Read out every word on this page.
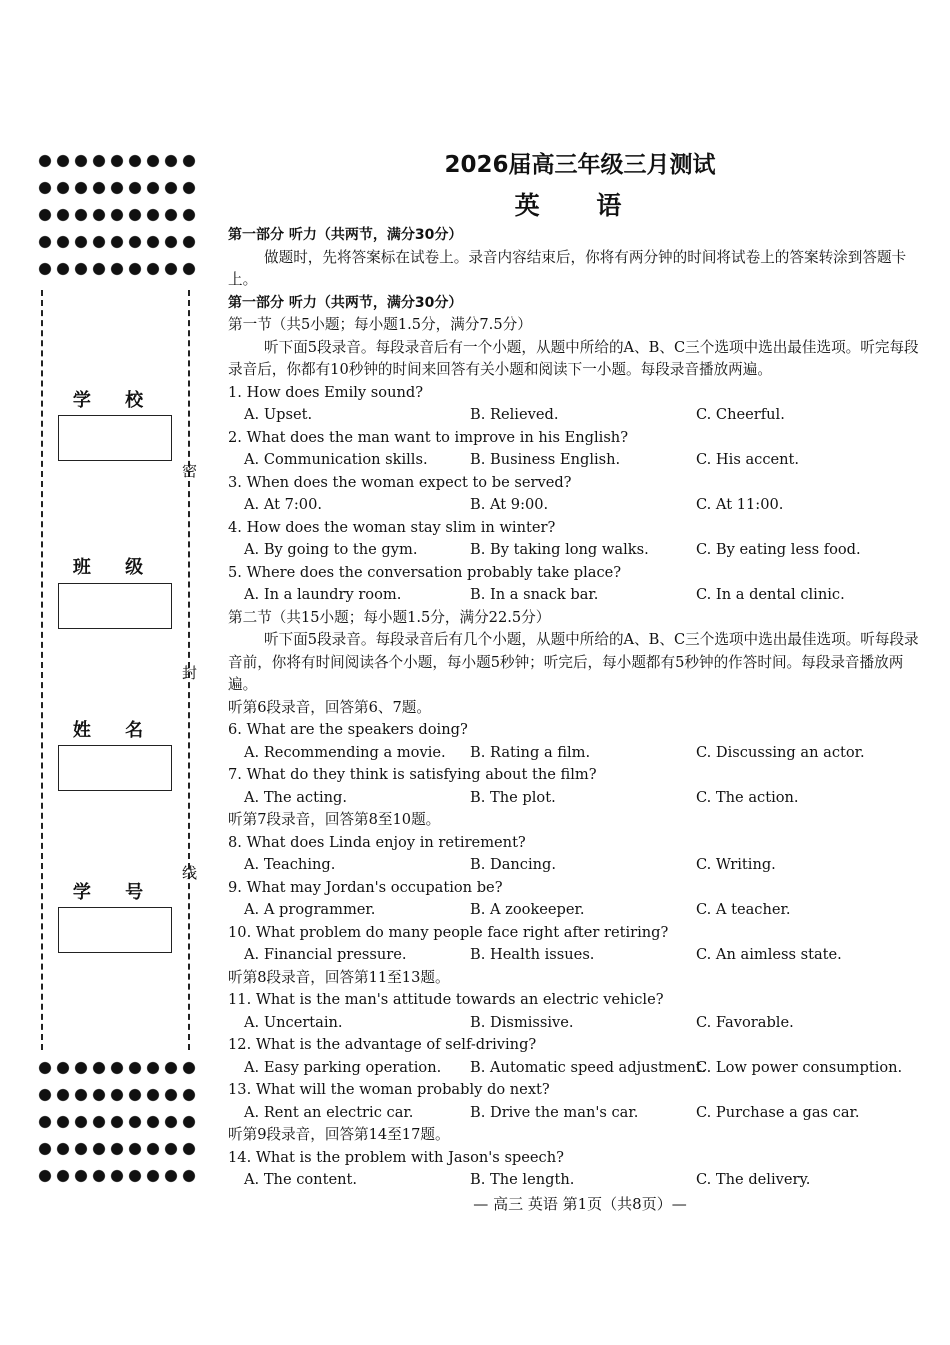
学 校
班 级
姓 名
学 号
密
封
线
2026届高三年级三月测试
英 语
第一部分 听力（共两节，满分30分）
做题时，先将答案标在试卷上。录音内容结束后，你将有两分钟的时间将试卷上的答案转涂到答题卡上。
第一部分 听力（共两节，满分30分）
第一节（共5小题；每小题1.5分，满分7.5分）
听下面5段录音。每段录音后有一个小题，从题中所给的A、B、C三个选项中选出最佳选项。听完每段录音后，你都有10秒钟的时间来回答有关小题和阅读下一小题。每段录音播放两遍。
1. How does Emily sound?
A. Upset.	B. Relieved.	C. Cheerful.
2. What does the man want to improve in his English?
A. Communication skills.	B. Business English.	C. His accent.
3. When does the woman expect to be served?
A. At 7:00.	B. At 9:00.	C. At 11:00.
4. How does the woman stay slim in winter?
A. By going to the gym.	B. By taking long walks.	C. By eating less food.
5. Where does the conversation probably take place?
A. In a laundry room.	B. In a snack bar.	C. In a dental clinic.
第二节（共15小题；每小题1.5分，满分22.5分）
听下面5段录音。每段录音后有几个小题，从题中所给的A、B、C三个选项中选出最佳选项。听每段录音前，你将有时间阅读各个小题，每小题5秒钟；听完后，每小题都有5秒钟的作答时间。每段录音播放两遍。
听第6段录音，回答第6、7题。
6. What are the speakers doing?
A. Recommending a movie.	B. Rating a film.	C. Discussing an actor.
7. What do they think is satisfying about the film?
A. The acting.	B. The plot.	C. The action.
听第7段录音，回答第8至10题。
8. What does Linda enjoy in retirement?
A. Teaching.	B. Dancing.	C. Writing.
9. What may Jordan's occupation be?
A. A programmer.	B. A zookeeper.	C. A teacher.
10. What problem do many people face right after retiring?
A. Financial pressure.	B. Health issues.	C. An aimless state.
听第8段录音，回答第11至13题。
11. What is the man's attitude towards an electric vehicle?
A. Uncertain.	B. Dismissive.	C. Favorable.
12. What is the advantage of self-driving?
A. Easy parking operation.	B. Automatic speed adjustment.
C. Low power consumption.
13. What will the woman probably do next?
A. Rent an electric car.	B. Drive the man's car.	C. Purchase a gas car.
听第9段录音，回答第14至17题。
14. What is the problem with Jason's speech?
A. The content.	B. The length.	C. The delivery.
— 高三 英语 第1页（共8页）—
